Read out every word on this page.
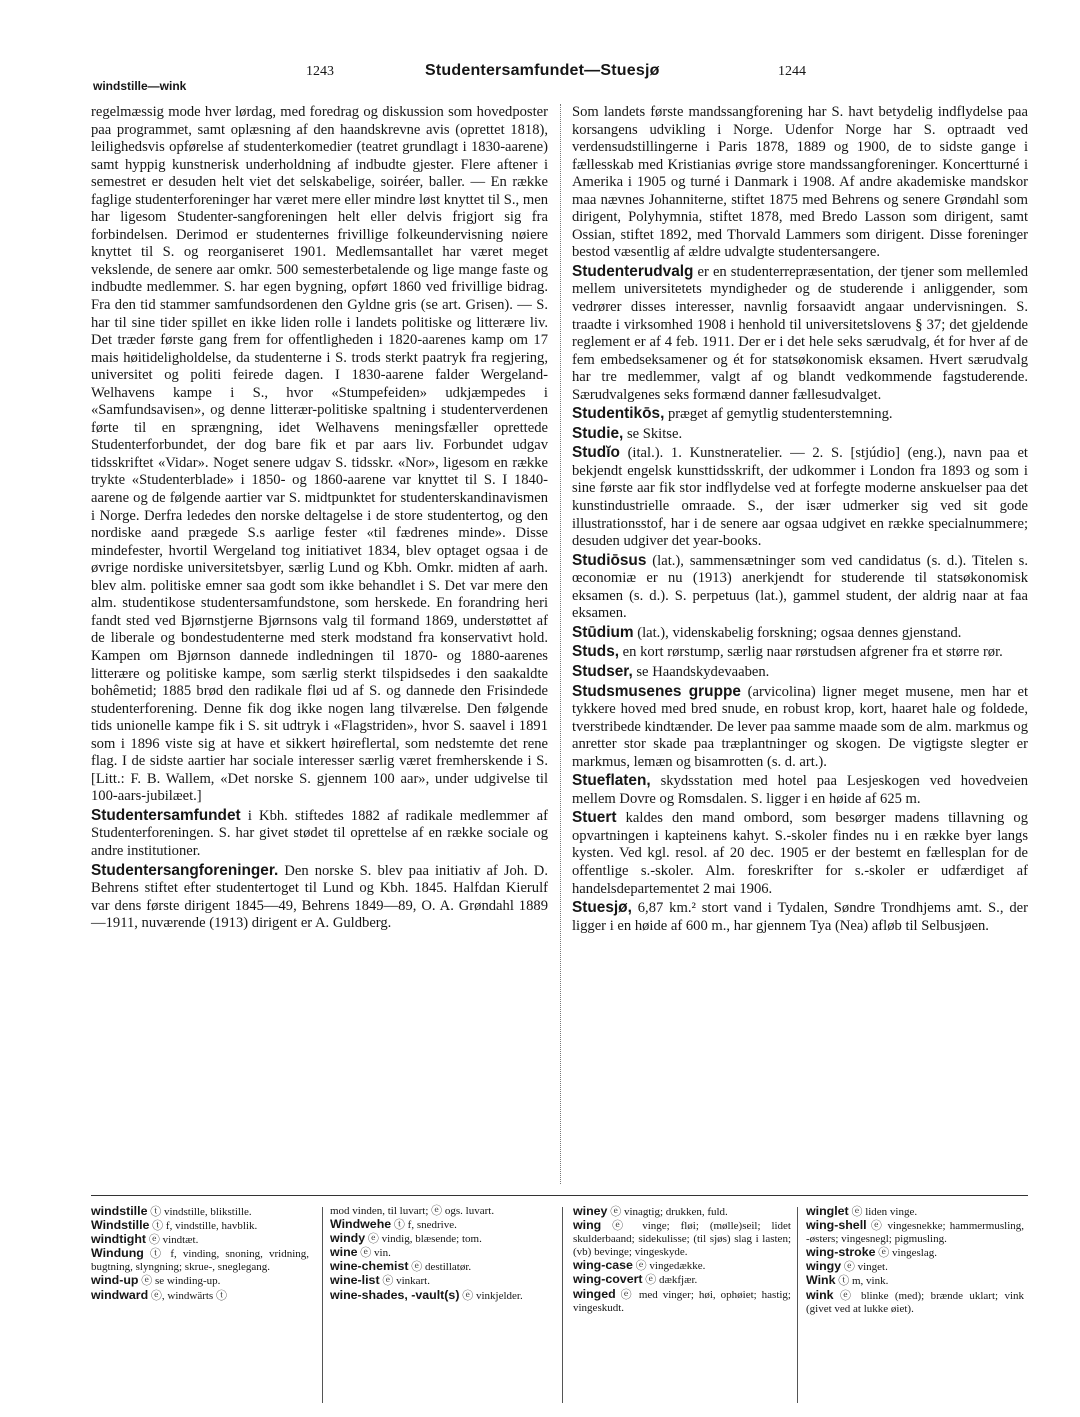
1243	Studentersamfundet—Stuesjø	1244
windstille—wink

regelmæssig mode hver lørdag, med foredrag og diskussion som hovedposter paa programmet, samt oplæsning af den haandskrevne avis (oprettet 1818), leilighedsvis opførelse af studenterkomedier (teatret grundlagt i 1830-aarene) samt hyppig kunstnerisk underholdning af indbudte gjester. Flere aftener i semestret er desuden helt viet det selskabelige, soiréer, baller. — En række faglige studenterforeninger har været mere eller mindre løst knyttet til S., men har ligesom Studenter-sangforeningen helt eller delvis frigjort sig fra forbindelsen. Derimod er studenternes frivillige folkeundervisning nøiere knyttet til S. og reorganiseret 1901. Medlemsantallet har været meget vekslende, de senere aar omkr. 500 semesterbetalende og lige mange faste og indbudte medlemmer. S. har egen bygning, opført 1860 ved frivillige bidrag. Fra den tid stammer samfundsordenen den Gyldne gris (se art. Grisen). — S. har til sine tider spillet en ikke liden rolle i landets politiske og litterære liv. Det træder første gang frem for offentligheden i 1820-aarenes kamp om 17 mais høitideligholdelse, da studenterne i S. trods sterkt paatryk fra regjering, universitet og politi feirede dagen. I 1830-aarene falder Wergeland-Welhavens kampe i S., hvor «Stumpefeiden» udkjæmpedes i «Samfundsavisen», og denne litterær-politiske spaltning i studenterverdenen førte til en sprængning, idet Welhavens meningsfæller oprettede Studenterforbundet, der dog bare fik et par aars liv. Forbundet udgav tidsskriftet «Vidar». Noget senere udgav S. tidsskr. «Nor», ligesom en række trykte «Studenterblade» i 1850- og 1860-aarene var knyttet til S. I 1840-aarene og de følgende aartier var S. midtpunktet for studenterskandinavismen i Norge. Derfra lededes den norske deltagelse i de store studentertog, og den nordiske aand prægede S.s aarlige fester «til fædrenes minde». Disse mindefester, hvortil Wergeland tog initiativet 1834, blev optaget ogsaa i de øvrige nordiske universitetsbyer, særlig Lund og Kbh. Omkr. midten af aarh. blev alm. politiske emner saa godt som ikke behandlet i S. Det var mere den alm. studentikose studentersamfundstone, som herskede. En forandring heri fandt sted ved Bjørnstjerne Bjørnsons valg til formand 1869, understøttet af de liberale og bondestudenterne med sterk modstand fra konservativt hold. Kampen om Bjørnson dannede indledningen til 1870- og 1880-aarenes litterære og politiske kampe, som særlig sterkt tilspidsedes i den saakaldte bohêmetid; 1885 brød den radikale fløi ud af S. og dannede den Frisindede studenterforening. Denne fik dog ikke nogen lang tilværelse. Den følgende tids unionelle kampe fik i S. sit udtryk i «Flagstriden», hvor S. saavel i 1891 som i 1896 viste sig at have et sikkert høireflertal, som nedstemte det rene flag. I de sidste aartier har sociale interesser særlig været fremherskende i S. [Litt.: F. B. Wallem, «Det norske S. gjennem 100 aar», under udgivelse til 100-aars-jubilæet.]

Studentersamfundet i Kbh. stiftedes 1882 af radikale medlemmer af Studenterforeningen. S. har givet stødet til oprettelse af en række sociale og andre institutioner.

Studentersangforeninger. Den norske S. blev paa initiativ af Joh. D. Behrens stiftet efter studentertoget til Lund og Kbh. 1845. Halfdan Kierulf var dens første dirigent 1845—49, Behrens 1849—89, O. A. Grøndahl 1889—1911, nuværende (1913) dirigent er A. Guldberg.

Som landets første mandssangforening har S. havt betydelig indflydelse paa korsangens udvikling i Norge. Udenfor Norge har S. optraadt ved verdensudstillingerne i Paris 1878, 1889 og 1900, de to sidste gange i fællesskab med Kristianias øvrige store mandssangforeninger. Koncertturné i Amerika i 1905 og turné i Danmark i 1908. Af andre akademiske mandskor maa nævnes Johanniterne, stiftet 1875 med Behrens og senere Grøndahl som dirigent, Polyhymnia, stiftet 1878, med Bredo Lasson som dirigent, samt Ossian, stiftet 1892, med Thorvald Lammers som dirigent. Disse foreninger bestod væsentlig af ældre udvalgte studentersangere.

Studenterudvalg er en studenterrepræsentation, der tjener som mellemled mellem universitetets myndigheder og de studerende i anliggender, som vedrører disses interesser, navnlig forsaavidt angaar undervisningen. S. traadte i virksomhed 1908 i henhold til universitetslovens § 37; det gjeldende reglement er af 4 feb. 1911. Der er i det hele seks særudvalg, ét for hver af de fem embedseksamener og ét for statsøkonomisk eksamen. Hvert særudvalg har tre medlemmer, valgt af og blandt vedkommende fagstuderende. Særudvalgenes seks formænd danner fællesudvalget.

Studentikōs, præget af gemytlig studenterstemning.

Studie, se Skitse.

Studĭo (ital.). 1. Kunstneratelier. — 2. S. [stjúdio] (eng.), navn paa et bekjendt engelsk kunsttidsskrift, der udkommer i London fra 1893 og som i sine første aar fik stor indflydelse ved at forfegte moderne anskuelser paa det kunstindustrielle omraade. S., der især udmerker sig ved sit gode illustrationsstof, har i de senere aar ogsaa udgivet en række specialnummere; desuden udgiver det year-books.

Studiōsus (lat.), sammensætninger som ved candidatus (s. d.). Titelen s. œconomiæ er nu (1913) anerkjendt for studerende til statsøkonomisk eksamen (s. d.). S. perpetuus (lat.), gammel student, der aldrig naar at faa eksamen.

Stūdium (lat.), videnskabelig forskning; ogsaa dennes gjenstand.

Studs, en kort rørstump, særlig naar rørstudsen afgrener fra et større rør.

Studser, se Haandskydevaaben.

Studsmusenes gruppe (arvicolina) ligner meget musene, men har et tykkere hoved med bred snude, en robust krop, kort, haaret hale og foldede, tverstribede kindtænder. De lever paa samme maade som de alm. markmus og anretter stor skade paa træplantninger og skogen. De vigtigste slegter er markmus, lemæn og bisamrotten (s. d. art.).

Stueflaten, skydsstation med hotel paa Lesjeskogen ved hovedveien mellem Dovre og Romsdalen. S. ligger i en høide af 625 m.

Stuert kaldes den mand ombord, som besørger madens tillavning og opvartningen i kapteinens kahyt. S.-skoler findes nu i en række byer langs kysten. Ved kgl. resol. af 20 dec. 1905 er der bestemt en fællesplan for de offentlige s.-skoler. Alm. foreskrifter for s.-skoler er udfærdiget af handelsdepartementet 2 mai 1906.

Stuesjø, 6,87 km.² stort vand i Tydalen, Søndre Trondhjems amt. S., der ligger i en høide af 600 m., har gjennem Tya (Nea) afløb til Selbusjøen.

windstille ⓣ vindstille, blikstille.

Windstille ⓣ f, vindstille, havblik.

windtight ⓔ vindtæt.

Windung ⓣ f, vinding, snoning, vridning, bugtning, slyngning; skrue-, sneglegang.

wind-up ⓔ se winding-up.

windward ⓔ, windwärts ⓣ

mod vinden, til luvart; ⓔ ogs. luvart.

Windwehe ⓣ f, snedrive.

windy ⓔ vindig, blæsende; tom.

wine ⓔ vin.

wine-chemist ⓔ destillatør.

wine-list ⓔ vinkart.

wine-shades, -vault(s) ⓔ vinkjelder.

winey ⓔ vinagtig; drukken, fuld.

wing ⓔ vinge; fløi; (mølle)seil; lidet skulderbaand; sidekulisse; (til sjøs) slag i lasten; (vb) bevinge; vingeskyde.

wing-case ⓔ vingedække.

wing-covert ⓔ dækfjær.

winged ⓔ med vinger; høi, ophøiet; hastig; vingeskudt.

winglet ⓔ liden vinge.

wing-shell ⓔ vingesnekke; hammermusling, -østers; vingesnegl; pigmusling.

wing-stroke ⓔ vingeslag.

wingy ⓔ vinget.

Wink ⓣ m, vink.

wink ⓔ blinke (med); brænde uklart; vink (givet ved at lukke øiet).
